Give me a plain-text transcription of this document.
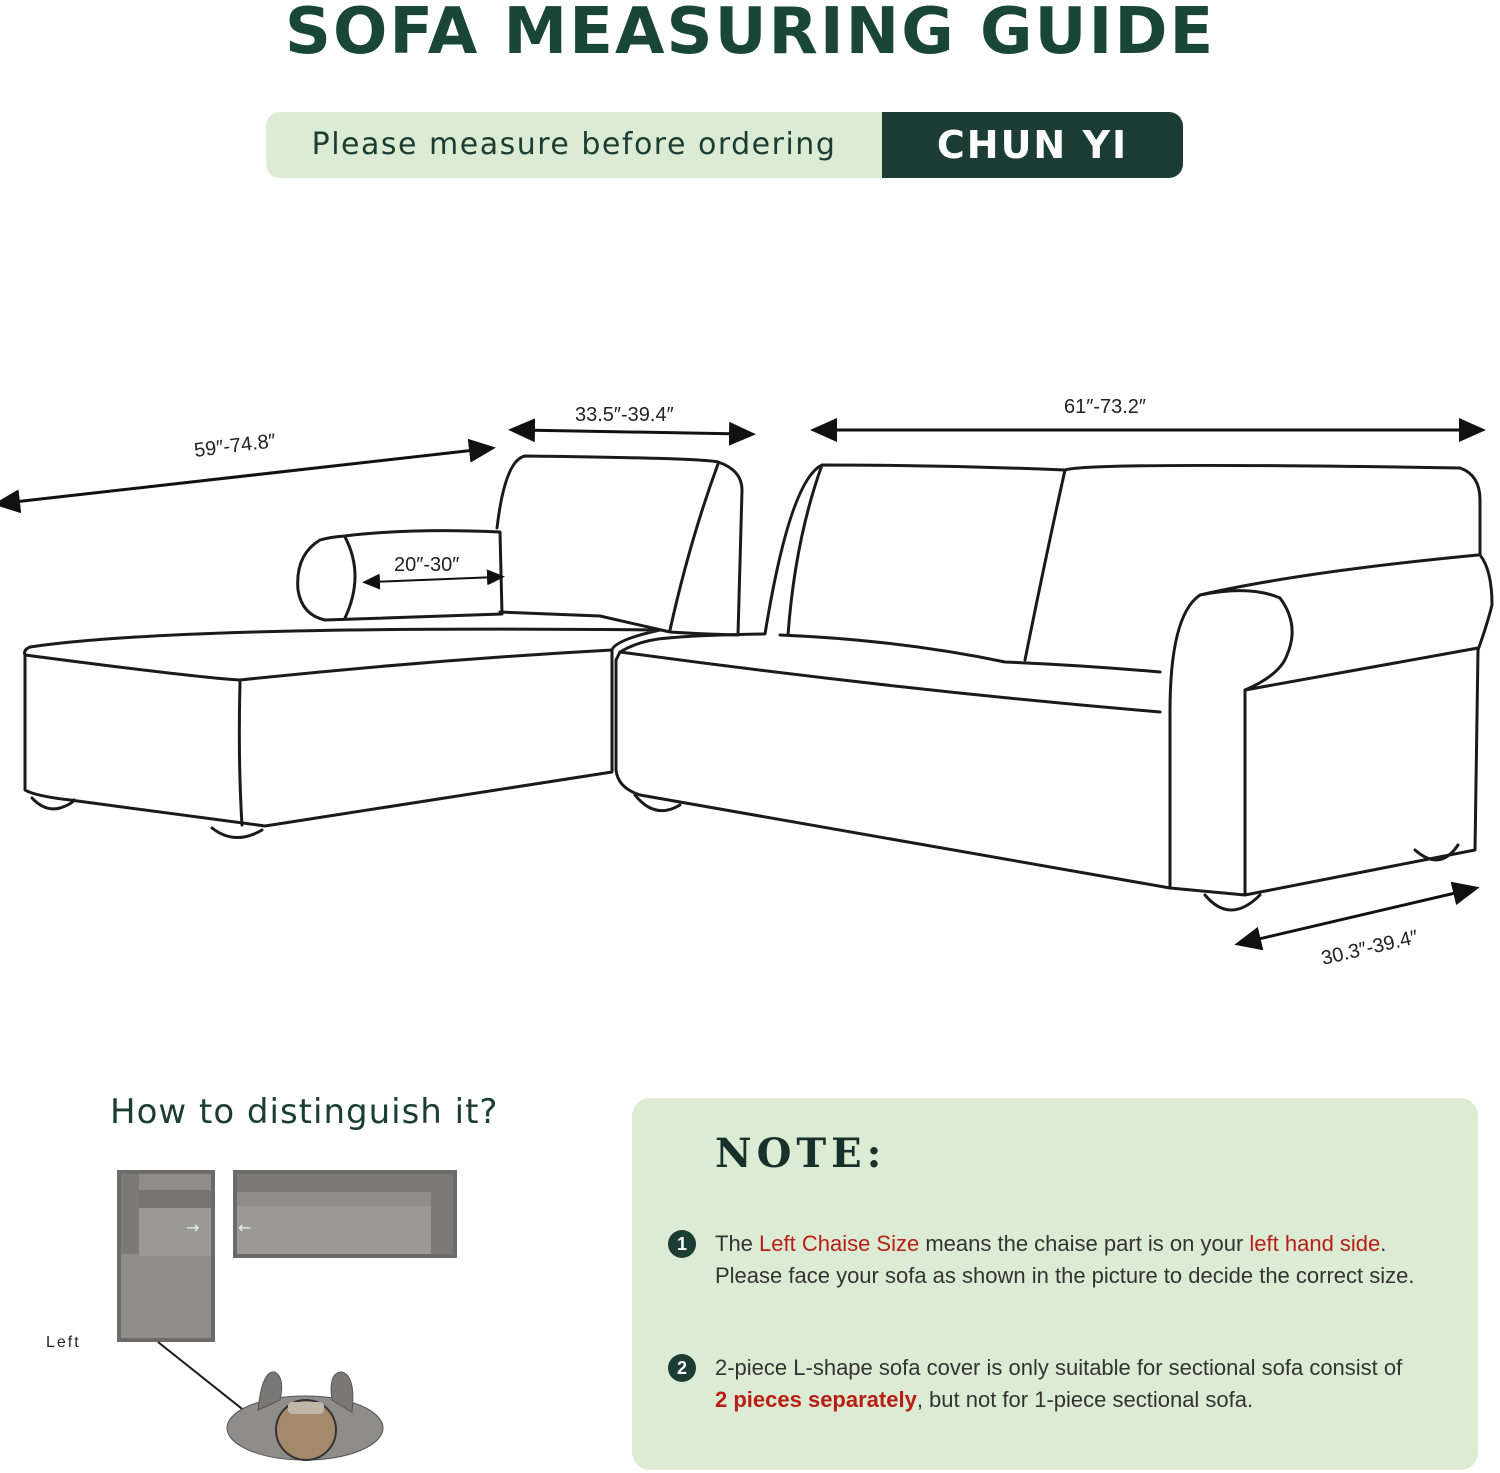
SOFA MEASURING GUIDE
Please measure before ordering	CHUN YI
59″-74.8″
33.5″-39.4″
20″-30″
61″-73.2″
30.3″-39.4″
How to distinguish it?
→ ←
Left
NOTE:
1	The Left Chaise Size means the chaise part is on your left hand side.
Please face your sofa as shown in the picture to decide the correct size.
2	2-piece L-shape sofa cover is only suitable for sectional sofa consist of
2 pieces separately, but not for 1-piece sectional sofa.
